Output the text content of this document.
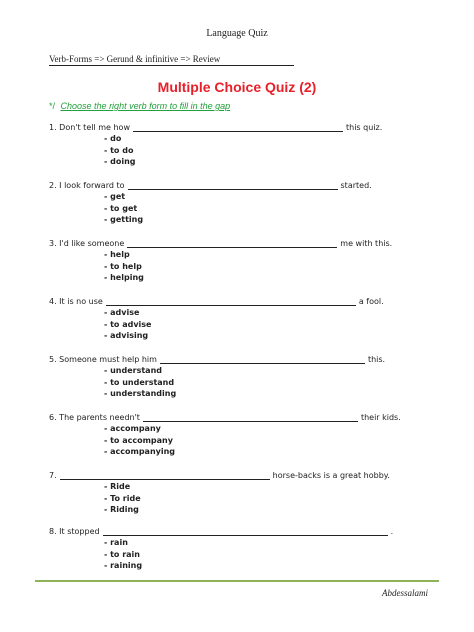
Language Quiz
Verb-Forms => Gerund & infinitive => Review
Multiple Choice Quiz (2)
*/ Choose the right verb form to fill in the gap
1. Don't tell me how	this quiz.
- do
- to do
- doing
2. I look forward to	started.
- get
- to get
- getting
3. I'd like someone	me with this.
- help
- to help
- helping
4. It is no use	a fool.
- advise
- to advise
- advising
5. Someone must help him	this.
- understand
- to understand
- understanding
6. The parents needn't	their kids.
- accompany
- to accompany
- accompanying
7.	horse-backs is a great hobby.
- Ride
- To ride
- Riding
8. It stopped	.
- rain
- to rain
- raining
Abdessalami
